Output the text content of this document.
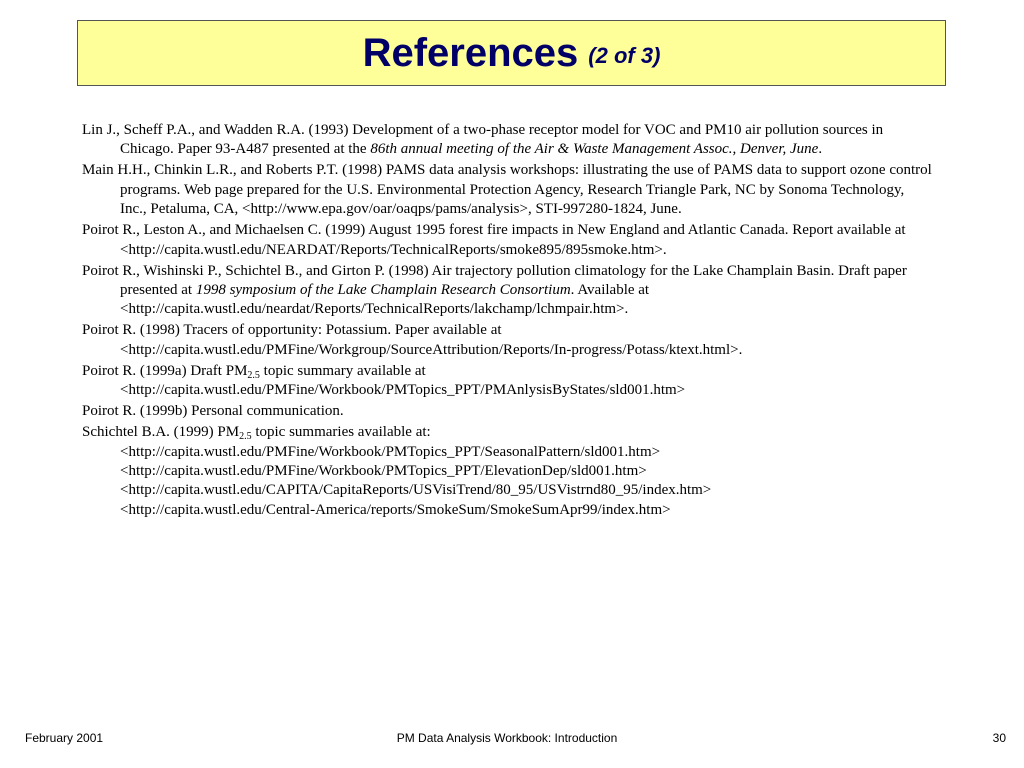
References (2 of 3)

Lin J., Scheff P.A., and Wadden R.A. (1993) Development of a two-phase receptor model for VOC and PM10 air pollution sources in Chicago. Paper 93-A487 presented at the 86th annual meeting of the Air & Waste Management Assoc., Denver, June.

Main H.H., Chinkin L.R., and Roberts P.T. (1998) PAMS data analysis workshops: illustrating the use of PAMS data to support ozone control programs. Web page prepared for the U.S. Environmental Protection Agency, Research Triangle Park, NC by Sonoma Technology, Inc., Petaluma, CA, <http://www.epa.gov/oar/oaqps/pams/analysis>, STI-997280-1824, June.

Poirot R., Leston A., and Michaelsen C. (1999) August 1995 forest fire impacts in New England and Atlantic Canada. Report available at <http://capita.wustl.edu/NEARDAT/Reports/TechnicalReports/smoke895/895smoke.htm>.

Poirot R., Wishinski P., Schichtel B., and Girton P. (1998) Air trajectory pollution climatology for the Lake Champlain Basin. Draft paper presented at 1998 symposium of the Lake Champlain Research Consortium. Available at <http://capita.wustl.edu/neardat/Reports/TechnicalReports/lakchamp/lchmpair.htm>.

Poirot R. (1998) Tracers of opportunity: Potassium. Paper available at <http://capita.wustl.edu/PMFine/Workgroup/SourceAttribution/Reports/In-progress/Potass/ktext.html>.

Poirot R. (1999a) Draft $PM_{2.5}$ topic summary available at
<http://capita.wustl.edu/PMFine/Workbook/PMTopics_PPT/PMAnlysisByStates/sld001.htm>

Poirot R. (1999b) Personal communication.

Schichtel B.A. (1999) $PM_{2.5}$ topic summaries available at:
<http://capita.wustl.edu/PMFine/Workbook/PMTopics_PPT/SeasonalPattern/sld001.htm>
<http://capita.wustl.edu/PMFine/Workbook/PMTopics_PPT/ElevationDep/sld001.htm>
<http://capita.wustl.edu/CAPITA/CapitaReports/USVisiTrend/80_95/USVistrnd80_95/index.htm>
<http://capita.wustl.edu/Central-America/reports/SmokeSum/SmokeSumApr99/index.htm>

February 2001	PM Data Analysis Workbook: Introduction	30
